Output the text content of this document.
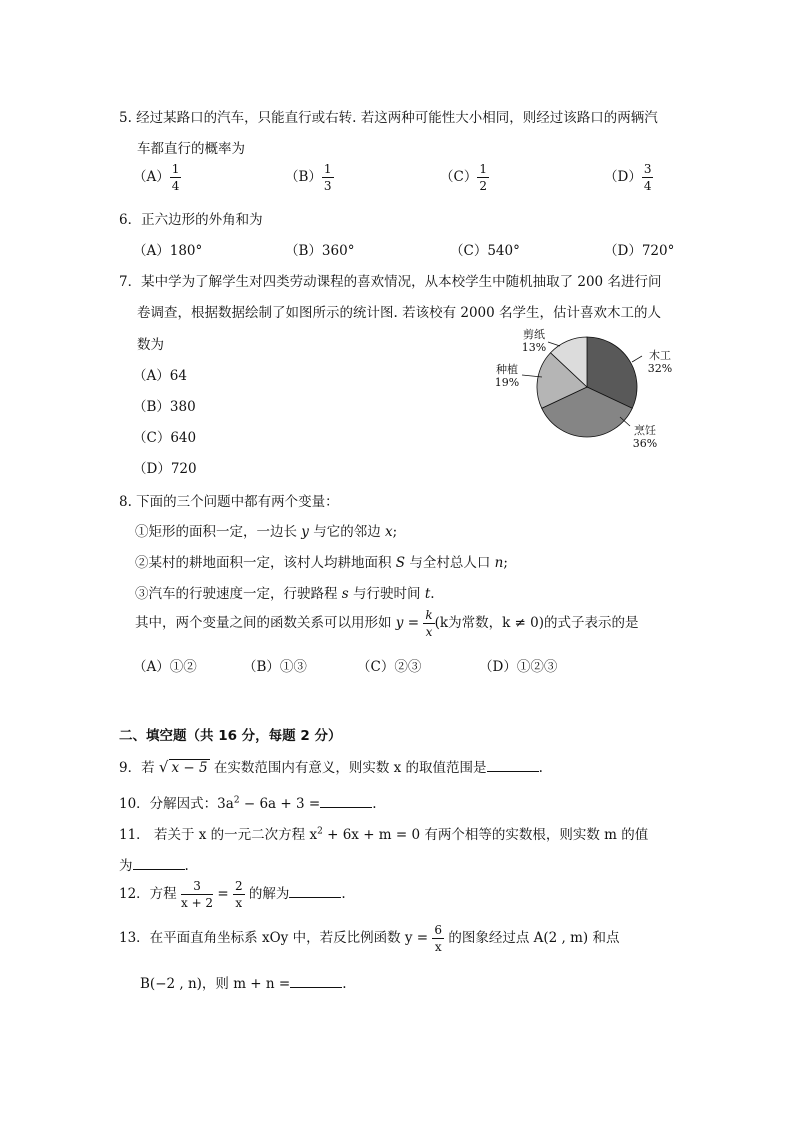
5. 经过某路口的汽车，只能直行或右转. 若这两种可能性大小相同，则经过该路口的两辆汽
车都直行的概率为
$(A) \frac{1}{4}$	$(B) \frac{1}{3}$	$(C) \frac{1}{2}$	$(D) \frac{3}{4}$
6．正六边形的外角和为
（A）180°	（B）360°	（C）540°	（D）720°
7．某中学为了解学生对四类劳动课程的喜欢情况，从本校学生中随机抽取了 200 名进行问
卷调查，根据数据绘制了如图所示的统计图. 若该校有 2000 名学生，估计喜欢木工的人
数为
（A）64
（B）380
（C）640
（D）720
木工
32%
烹饪
36%
种植
19%
剪纸
13%
8. 下面的三个问题中都有两个变量：
①矩形的面积一定，一边长 y 与它的邻边 x;
②某村的耕地面积一定，该村人均耕地面积 S 与全村总人口 n;
③汽车的行驶速度一定，行驶路程 s 与行驶时间 t.
其中，两个变量之间的函数关系可以用形如 $y = \frac{k}{x} (k$为常数，k ≠ 0)的式子表示的是
（A）①②	（B）①③	（C）②③	（D）①②③
二、填空题（共 16 分，每题 2 分）
9．若 √ x − 5 在实数范围内有意义，则实数 x 的取值范围是	.
10．分解因式：$3a^2 - 6a + 3$ =	.
11． 若关于 x 的一元二次方程 $x^2 + 6x + m = 0$ 有两个相等的实数根，则实数 m 的值
为	.
12．方程 $\frac{3}{x + 2} = \frac{2}{x}$ 的解为	.
13．在平面直角坐标系 xOy 中，若反比例函数 $y = \frac{6}{x}$ 的图象经过点 A(2 , m) 和点
B(−2 , n)，则 m + n =	.
